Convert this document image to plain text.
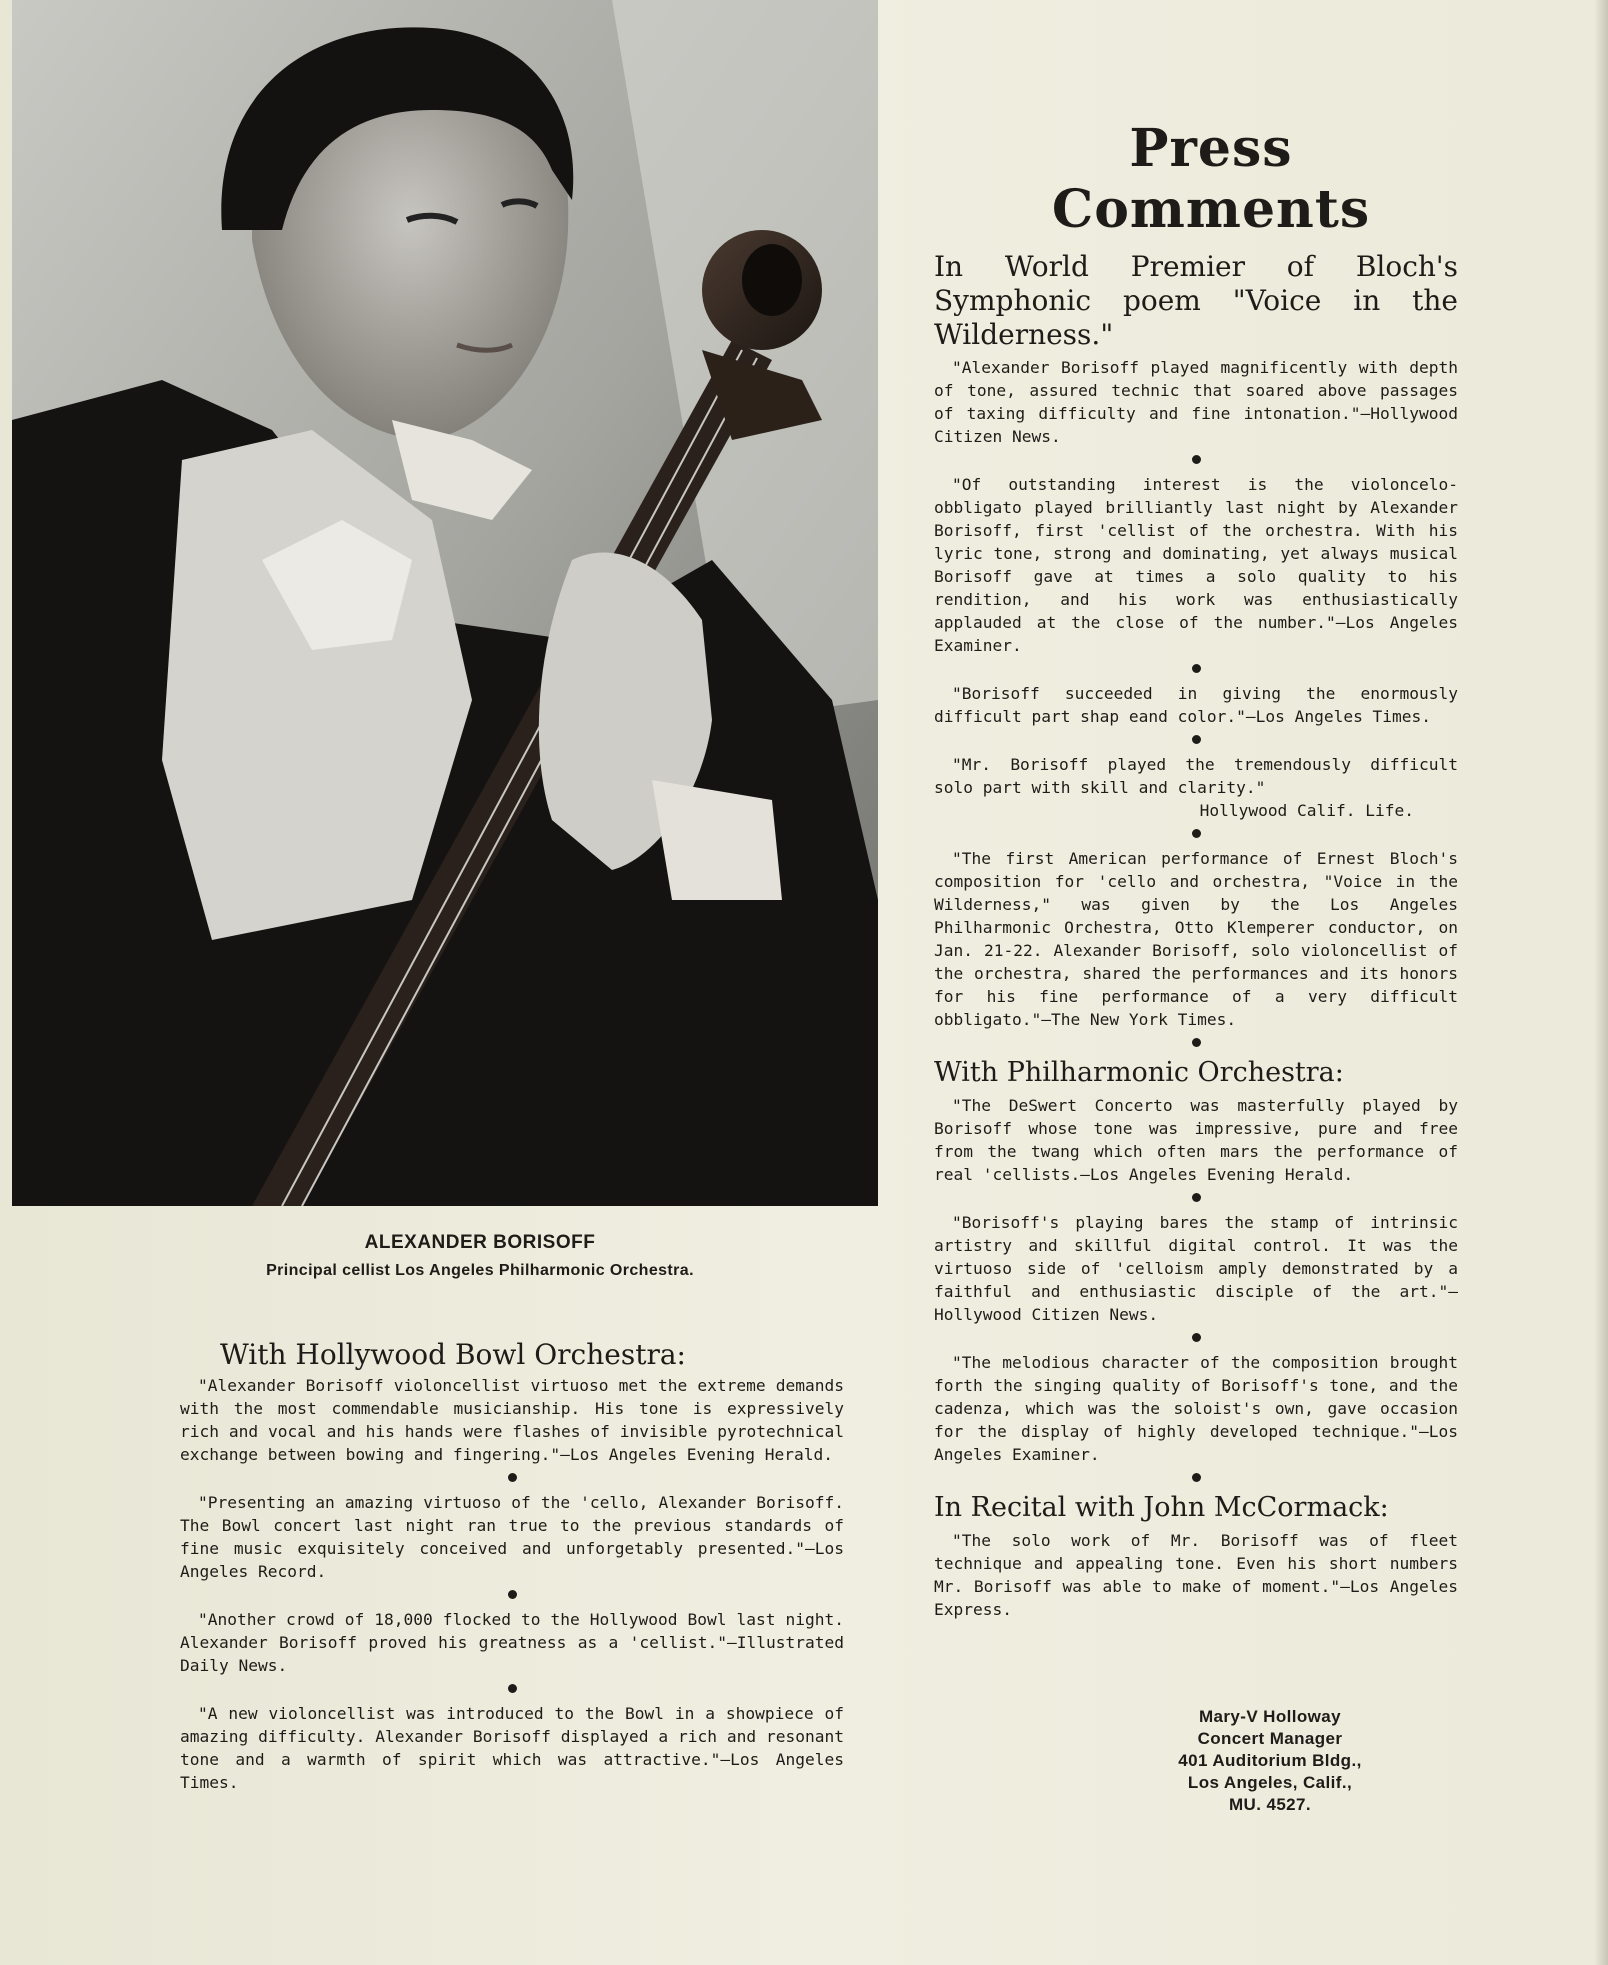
ALEXANDER BORISOFF
Principal cellist Los Angeles Philharmonic Orchestra.
With Hollywood Bowl Orchestra:

"Alexander Borisoff violoncellist virtuoso met the extreme demands with the most commendable musicianship. His tone is expressively rich and vocal and his hands were flashes of invisible pyrotechnical exchange between bowing and fingering."—Los Angeles Evening Herald.

"Presenting an amazing virtuoso of the 'cello, Alexander Borisoff. The Bowl concert last night ran true to the previous standards of fine music exquisitely conceived and unforgetably presented."—Los Angeles Record.

"Another crowd of 18,000 flocked to the Hollywood Bowl last night. Alexander Borisoff proved his greatness as a 'cellist."—Illustrated Daily News.

"A new violoncellist was introduced to the Bowl in a showpiece of amazing difficulty. Alexander Borisoff displayed a rich and resonant tone and a warmth of spirit which was attractive."—Los Angeles Times.

Press Comments
In World Premier of Bloch's Symphonic poem "Voice in the Wilderness."

"Alexander Borisoff played magnificently with depth of tone, assured technic that soared above passages of taxing difficulty and fine intonation."—Hollywood Citizen News.

"Of outstanding interest is the violoncelo-obbligato played brilliantly last night by Alexander Borisoff, first 'cellist of the orchestra. With his lyric tone, strong and dominating, yet always musical Borisoff gave at times a solo quality to his rendition, and his work was enthusiastically applauded at the close of the number."—Los Angeles Examiner.

"Borisoff succeeded in giving the enormously difficult part shap eand color."—Los Angeles Times.

"Mr. Borisoff played the tremendously difficult solo part with skill and clarity."

Hollywood Calif. Life.

"The first American performance of Ernest Bloch's composition for 'cello and orchestra, "Voice in the Wilderness," was given by the Los Angeles Philharmonic Orchestra, Otto Klemperer conductor, on Jan. 21-22. Alexander Borisoff, solo violoncellist of the orchestra, shared the performances and its honors for his fine performance of a very difficult obbligato."—The New York Times.

With Philharmonic Orchestra:

"The DeSwert Concerto was masterfully played by Borisoff whose tone was impressive, pure and free from the twang which often mars the performance of real 'cellists.—Los Angeles Evening Herald.

"Borisoff's playing bares the stamp of intrinsic artistry and skillful digital control. It was the virtuoso side of 'celloism amply demonstrated by a faithful and enthusiastic disciple of the art."—Hollywood Citizen News.

"The melodious character of the composition brought forth the singing quality of Borisoff's tone, and the cadenza, which was the soloist's own, gave occasion for the display of highly developed technique."—Los Angeles Examiner.

In Recital with John McCormack:

"The solo work of Mr. Borisoff was of fleet technique and appealing tone. Even his short numbers Mr. Borisoff was able to make of moment."—Los Angeles Express.

Mary-V Holloway
Concert Manager
401 Auditorium Bldg.,
Los Angeles, Calif.,
MU. 4527.
